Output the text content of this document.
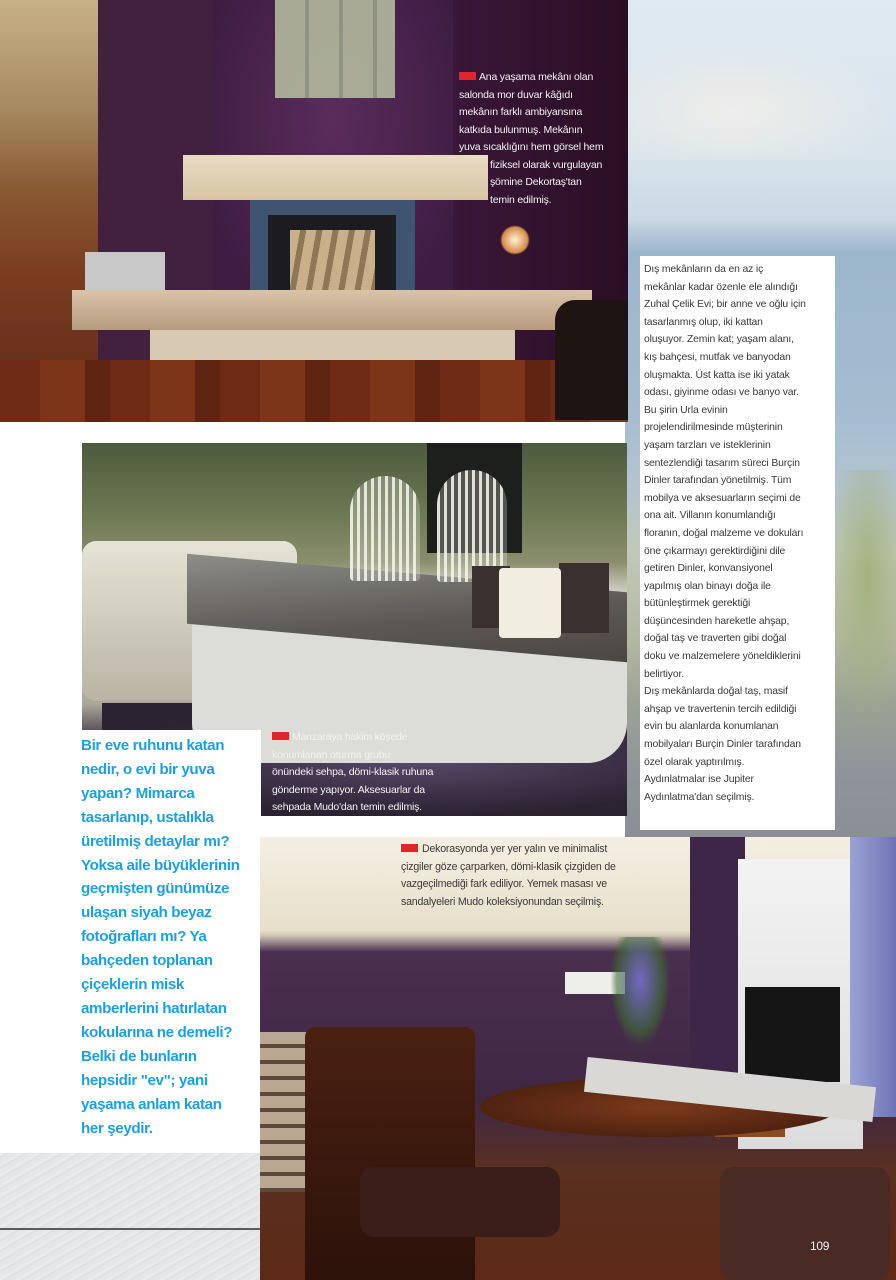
Ana yaşama mekânı olan
salonda mor duvar kâğıdı
mekânın farklı ambiyansına
katkıda bulunmuş. Mekânın
yuva sıcaklığını hem görsel hem
fiziksel olarak vurgulayan
şömine Dekortaş'tan
temin edilmiş.
Dış mekânların da en az iç
mekânlar kadar özenle ele alındığı
Zuhal Çelik Evi; bir anne ve oğlu için
tasarlanmış olup, iki kattan
oluşuyor. Zemin kat; yaşam alanı,
kış bahçesi, mutfak ve banyodan
oluşmakta. Üst katta ise iki yatak
odası, giyinme odası ve banyo var.
Bu şirin Urla evinin
projelendirilmesinde müşterinin
yaşam tarzları ve isteklerinin
sentezlendiği tasarım süreci Burçin
Dinler tarafından yönetilmiş. Tüm
mobilya ve aksesuarların seçimi de
ona ait. Villanın konumlandığı
floranın, doğal malzeme ve dokuları
öne çıkarmayı gerektirdiğini dile
getiren Dinler, konvansiyonel
yapılmış olan binayı doğa ile
bütünleştirmek gerektiği
düşüncesinden hareketle ahşap,
doğal taş ve traverten gibi doğal
doku ve malzemelere yöneldiklerini
belirtiyor.
Dış mekânlarda doğal taş, masif
ahşap ve travertenin tercih edildiği
evin bu alanlarda konumlanan
mobilyaları Burçin Dinler tarafından
özel olarak yaptırılmış.
Aydınlatmalar ise Jupiter
Aydınlatma'dan seçilmiş.
Manzaraya hakim köşede
konumlanan oturma grubu
önündeki sehpa, dömi-klasik ruhuna
gönderme yapıyor. Aksesuarlar da
sehpada Mudo'dan temin edilmiş.
Bir eve ruhunu katan
nedir, o evi bir yuva
yapan? Mimarca
tasarlanıp, ustalıkla
üretilmiş detaylar mı?
Yoksa aile büyüklerinin
geçmişten günümüze
ulaşan siyah beyaz
fotoğrafları mı? Ya
bahçeden toplanan
çiçeklerin misk
amberlerini hatırlatan
kokularına ne demeli?
Belki de bunların
hepsidir "ev"; yani
yaşama anlam katan
her şeydir.
Dekorasyonda yer yer yalın ve minimalist
çizgiler göze çarparken, dömi-klasik çizgiden de
vazgeçilmediği fark ediliyor. Yemek masası ve
sandalyeleri Mudo koleksiyonundan seçilmiş.
109
